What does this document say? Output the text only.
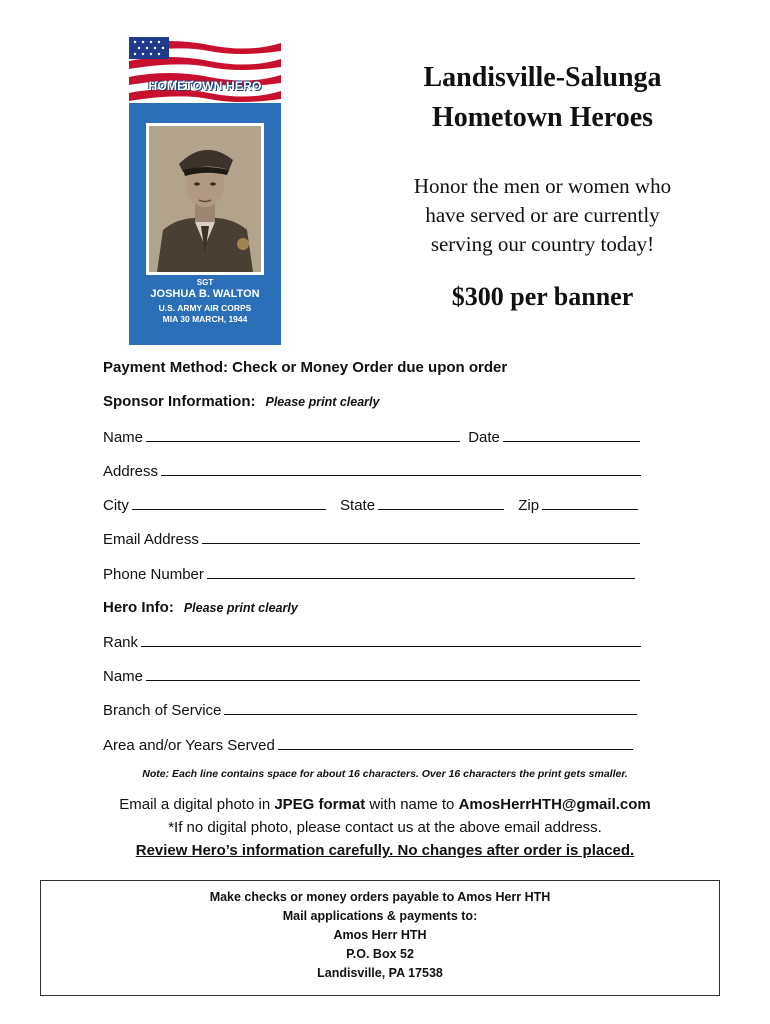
HOMETOWN HERO
SGT
JOSHUA B. WALTON
U.S. ARMY AIR CORPS
MIA 30 MARCH, 1944
Landisville-Salunga
Hometown Heroes
Honor the men or women who
have served or are currently
serving our country today!
$300 per banner
Payment Method: Check or Money Order due upon order
Sponsor Information: Please print clearly
Name	Date
Address
City	State	Zip
Email Address
Phone Number
Hero Info: Please print clearly
Rank
Name
Branch of Service
Area and/or Years Served
Note: Each line contains space for about 16 characters. Over 16 characters the print gets smaller.
Email a digital photo in JPEG format with name to AmosHerrHTH@gmail.com
*If no digital photo, please contact us at the above email address.
Review Hero’s information carefully. No changes after order is placed.
Make checks or money orders payable to Amos Herr HTH
Mail applications & payments to:
Amos Herr HTH
P.O. Box 52
Landisville, PA 17538
